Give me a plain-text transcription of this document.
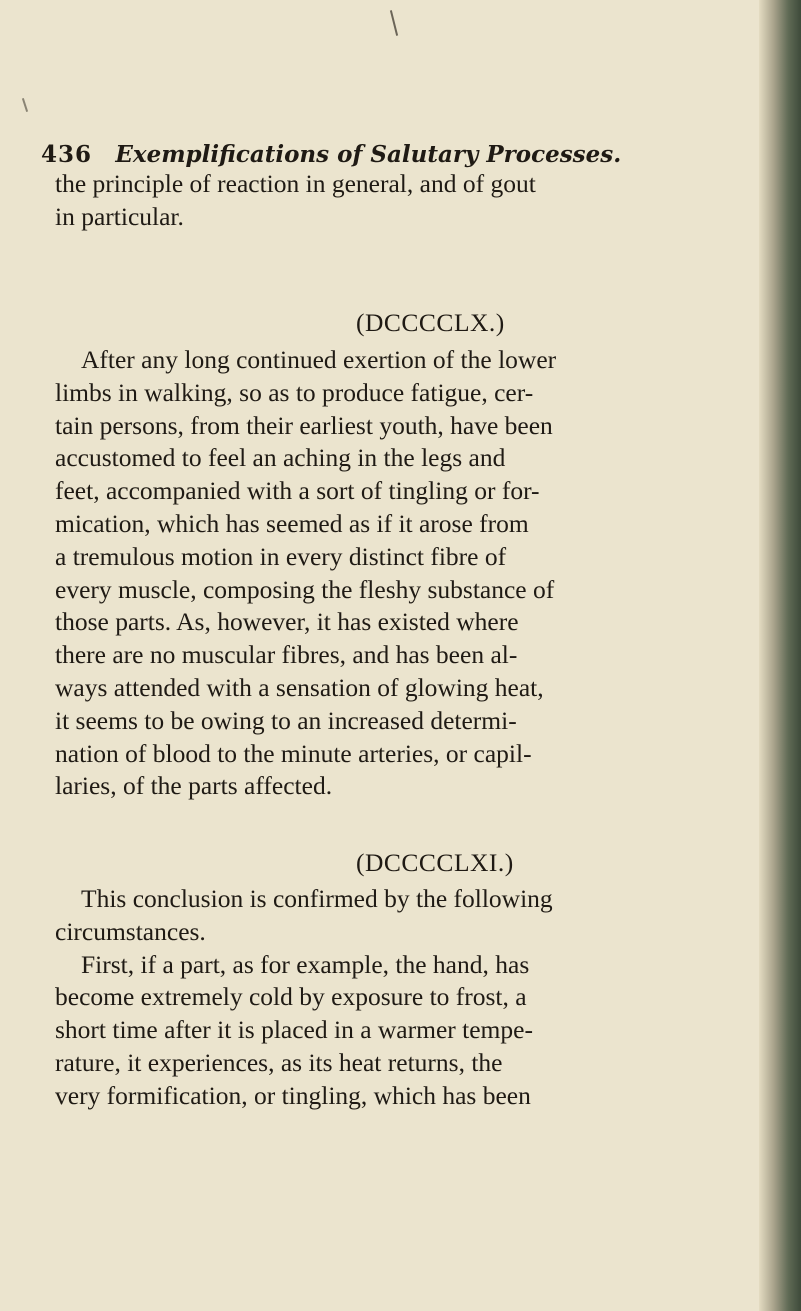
436 Exemplifications of Salutary Processes.
the principle of reaction in general, and of gout
in particular.
(DCCCCLX.)
After any long continued exertion of the lower
limbs in walking, so as to produce fatigue, cer-
tain persons, from their earliest youth, have been
accustomed to feel an aching in the legs and
feet, accompanied with a sort of tingling or for-
mication, which has seemed as if it arose from
a tremulous motion in every distinct fibre of
every muscle, composing the fleshy substance of
those parts. As, however, it has existed where
there are no muscular fibres, and has been al-
ways attended with a sensation of glowing heat,
it seems to be owing to an increased determi-
nation of blood to the minute arteries, or capil-
laries, of the parts affected.
(DCCCCLXI.)
This conclusion is confirmed by the following
circumstances.
First, if a part, as for example, the hand, has
become extremely cold by exposure to frost, a
short time after it is placed in a warmer tempe-
rature, it experiences, as its heat returns, the
very formification, or tingling, which has been
